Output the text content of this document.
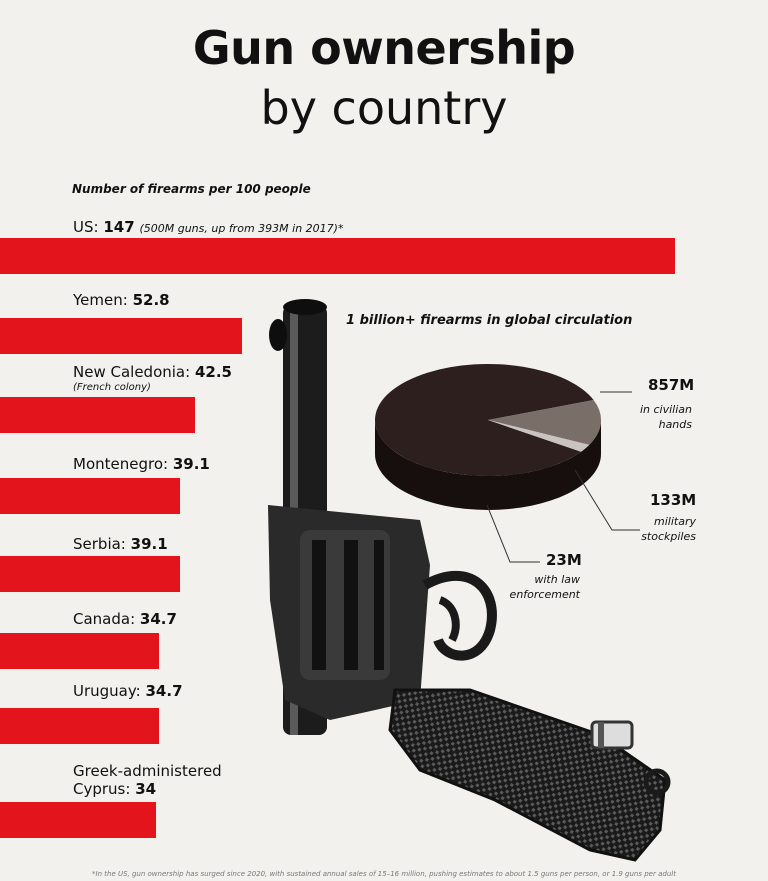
Gun ownership
by country
Number of firearms per 100 people
US: 147 (500M guns, up from 393M in 2017)*
Yemen: 52.8
New Caledonia: 42.5
(French colony)
Montenegro: 39.1
Serbia: 39.1
Canada: 34.7
Uruguay: 34.7
Greek-administered Cyprus: 34
1 billion+ firearms in global circulation
857M
in civilian
hands
133M
military
stockpiles
23M
with law
enforcement
*In the US, gun ownership has surged since 2020, with sustained annual sales of 15–16 million, pushing estimates to about 1.5 guns per person, or 1.9 guns per adult
